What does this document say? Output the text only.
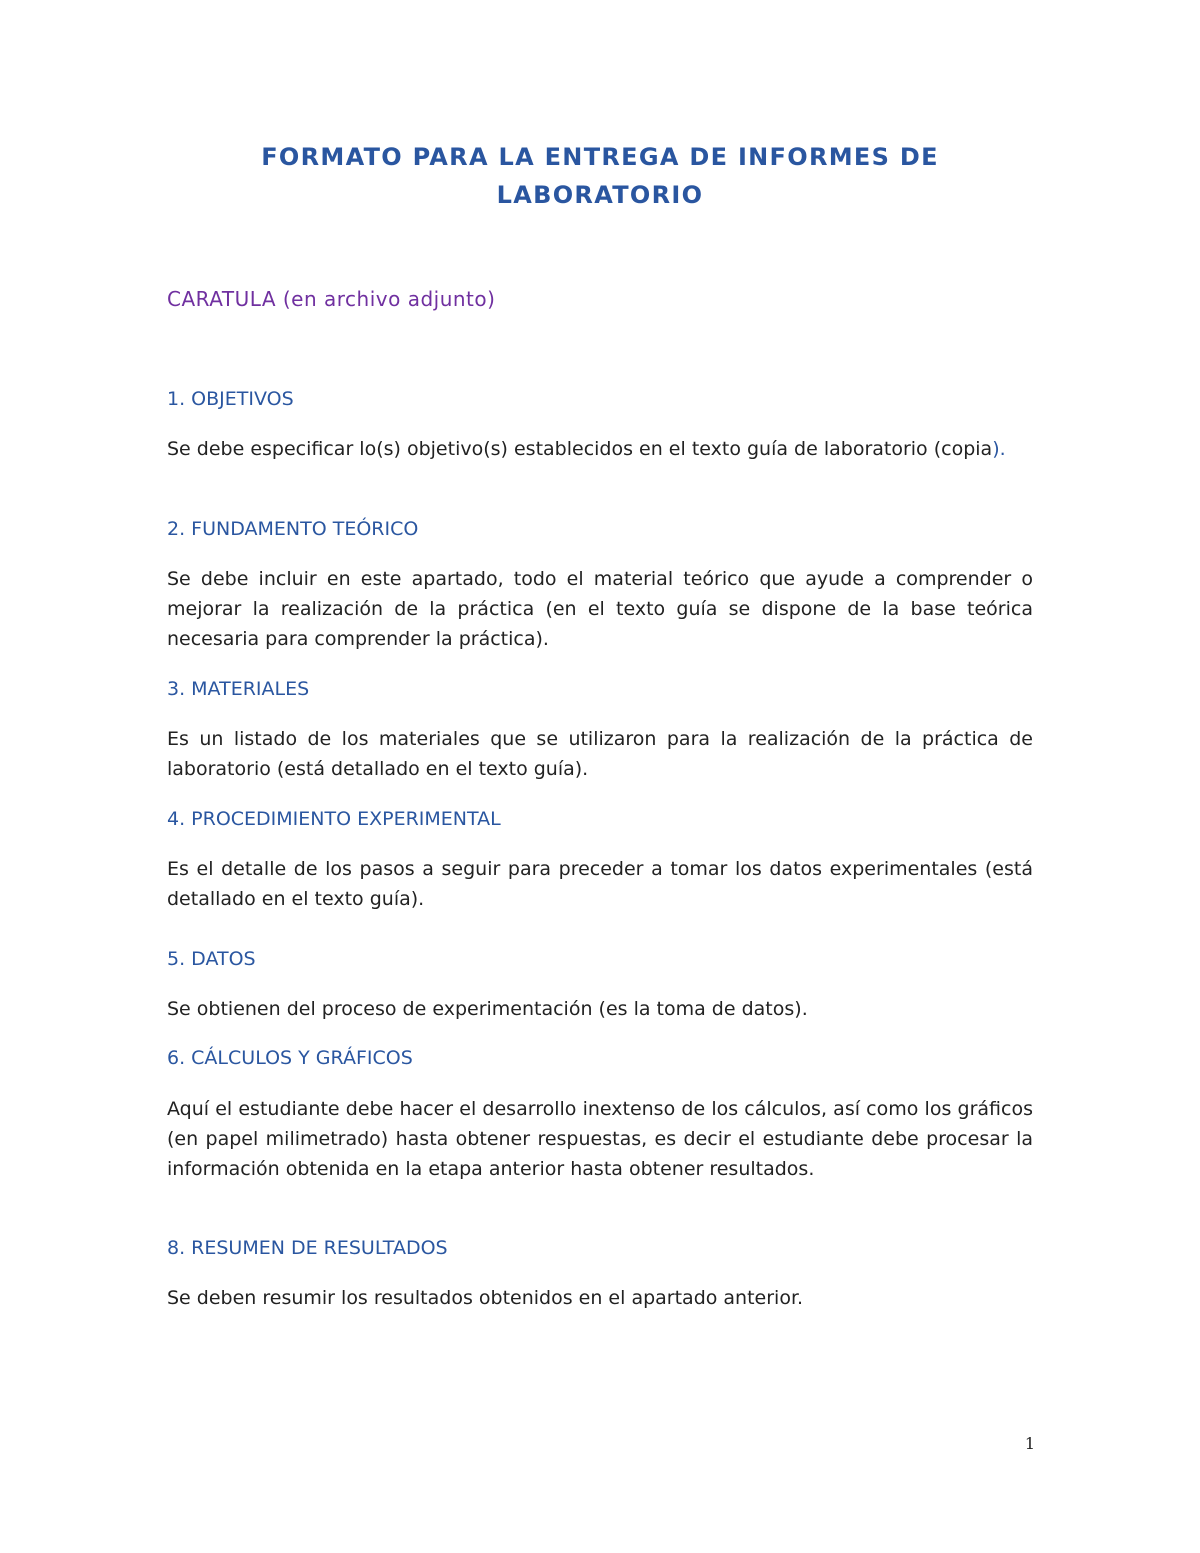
FORMATO PARA LA ENTREGA DE INFORMES DE LABORATORIO
CARATULA (en archivo adjunto)
1. OBJETIVOS
Se debe especificar lo(s) objetivo(s) establecidos en el texto guía de laboratorio (copia).
2. FUNDAMENTO TEÓRICO
Se debe incluir en este apartado, todo el material teórico que ayude a comprender o mejorar la realización de la práctica (en el texto guía se dispone de la base teórica necesaria para comprender la práctica).
3. MATERIALES
Es un listado de los materiales que se utilizaron para la realización de la práctica de laboratorio (está detallado en el texto guía).
4. PROCEDIMIENTO EXPERIMENTAL
Es el detalle de los pasos a seguir para preceder a tomar los datos experimentales (está detallado en el texto guía).
5. DATOS
Se obtienen del proceso de experimentación (es la toma de datos).
6. CÁLCULOS Y GRÁFICOS
Aquí el estudiante debe hacer el desarrollo inextenso de los cálculos, así como los gráficos (en papel milimetrado) hasta obtener respuestas, es decir el estudiante debe procesar la información obtenida en la etapa anterior hasta obtener resultados.
8. RESUMEN DE RESULTADOS
Se deben resumir los resultados obtenidos en el apartado anterior.
1
